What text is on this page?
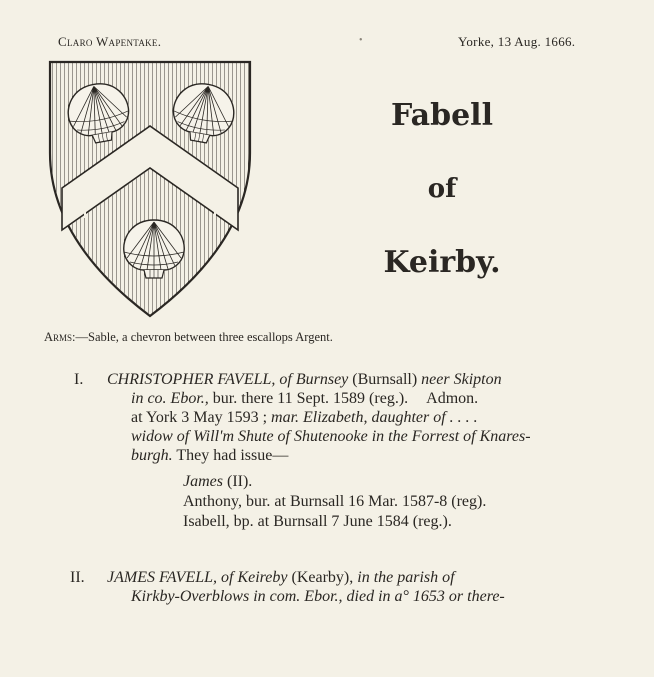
Claro Wapentake.	•	Yorke, 13 Aug. 1666.
Fabell
of
Keirby.
Arms:—Sable, a chevron between three escallops Argent.
I. CHRISTOPHER FAVELL, of Burnsey (Burnsall) neer Skipton
in co. Ebor., bur. there 11 Sept. 1589 (reg.). Admon.
at York 3 May 1593 ; mar. Elizabeth, daughter of . . . .
widow of Will'm Shute of Shutenooke in the Forrest of Knares-
burgh. They had issue—
James (II).
Anthony, bur. at Burnsall 16 Mar. 1587-8 (reg).
Isabell, bp. at Burnsall 7 June 1584 (reg.).
II. JAMES FAVELL, of Keireby (Kearby), in the parish of
Kirkby-Overblows in com. Ebor., died in a° 1653 or there-
